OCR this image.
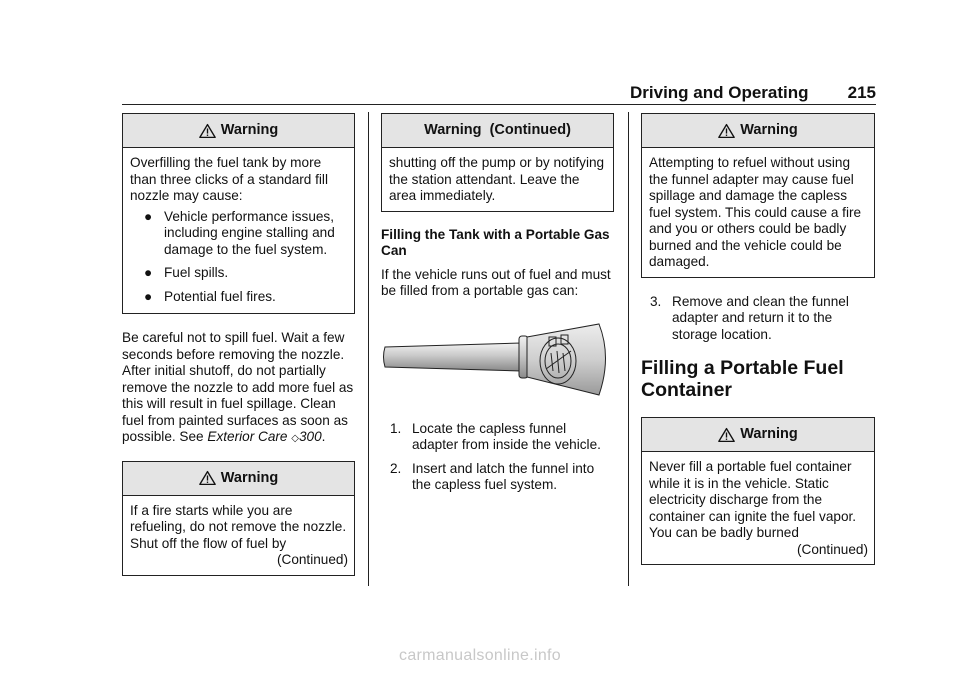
Driving and Operating 215
Warning

Overfilling the fuel tank by more than three clicks of a standard fill nozzle may cause:

● Vehicle performance issues, including engine stalling and damage to the fuel system.
● Fuel spills.
● Potential fuel fires.

Be careful not to spill fuel. Wait a few seconds before removing the nozzle. After initial shutoff, do not partially remove the nozzle to add more fuel as this will result in fuel spillage. Clean fuel from painted surfaces as soon as possible. See Exterior Care ◇300.

Warning

If a fire starts while you are refueling, do not remove the nozzle. Shut off the flow of fuel by

(Continued)

Warning  (Continued)

shutting off the pump or by notifying the station attendant. Leave the area immediately.

Filling the Tank with a Portable Gas Can

If the vehicle runs out of fuel and must be filled from a portable gas can:

1. Locate the capless funnel adapter from inside the vehicle.
2. Insert and latch the funnel into the capless fuel system.
Warning

Attempting to refuel without using the funnel adapter may cause fuel spillage and damage the capless fuel system. This could cause a fire and you or others could be badly burned and the vehicle could be damaged.

3. Remove and clean the funnel adapter and return it to the storage location.

Filling a Portable Fuel Container

Warning

Never fill a portable fuel container while it is in the vehicle. Static electricity discharge from the container can ignite the fuel vapor. You can be badly burned

(Continued)

carmanualsonline.info
